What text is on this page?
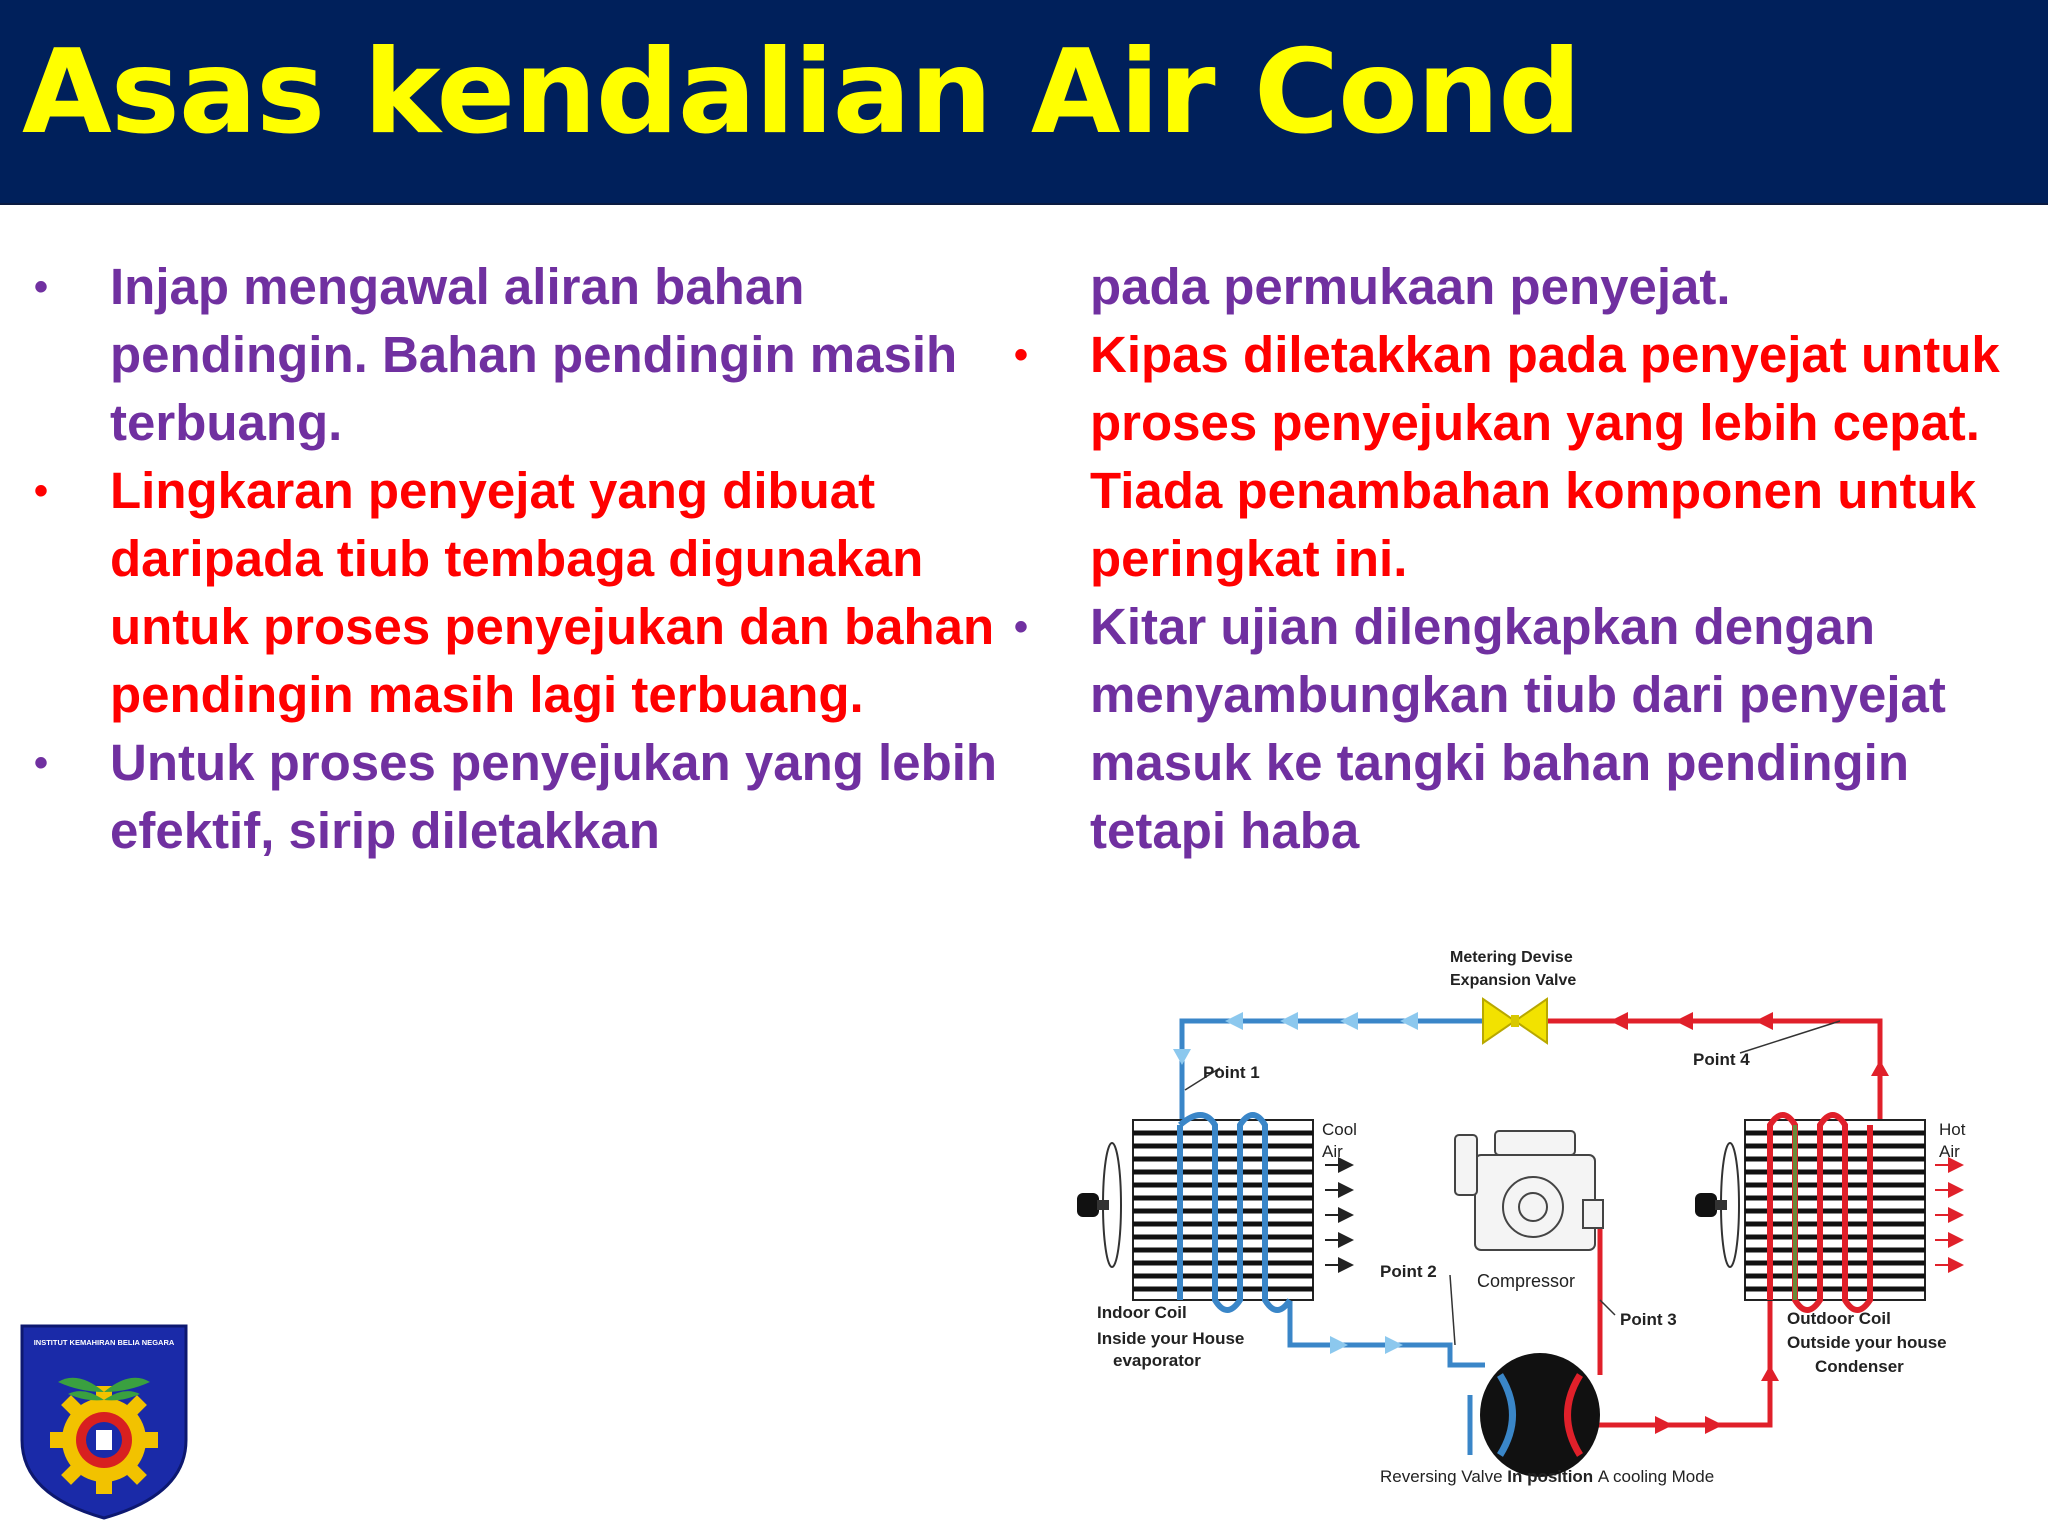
Asas kendalian Air Cond
• Injap mengawal aliran bahan pendingin. Bahan pendingin masih terbuang.
• Lingkaran penyejat yang dibuat daripada tiub tembaga digunakan untuk proses penyejukan dan bahan pendingin masih lagi terbuang.
• Untuk proses penyejukan yang lebih efektif, sirip diletakkan
pada permukaan penyejat.
• Kipas diletakkan pada penyejat untuk proses penyejukan yang lebih cepat. Tiada penambahan komponen untuk peringkat ini.
• Kitar ujian dilengkapkan dengan menyambungkan tiub dari penyejat masuk ke tangki bahan pendingin tetapi haba
Metering Devise
Expansion Valve
Point 1
Point 4
Cool
Air
Hot
Air
Compressor
Point 2
Point 3
Indoor Coil
Inside your House
evaporator
Outdoor Coil
Outside your house
Condenser
Reversing Valve In position A cooling Mode
INSTITUT KEMAHIRAN BELIA NEGARA
